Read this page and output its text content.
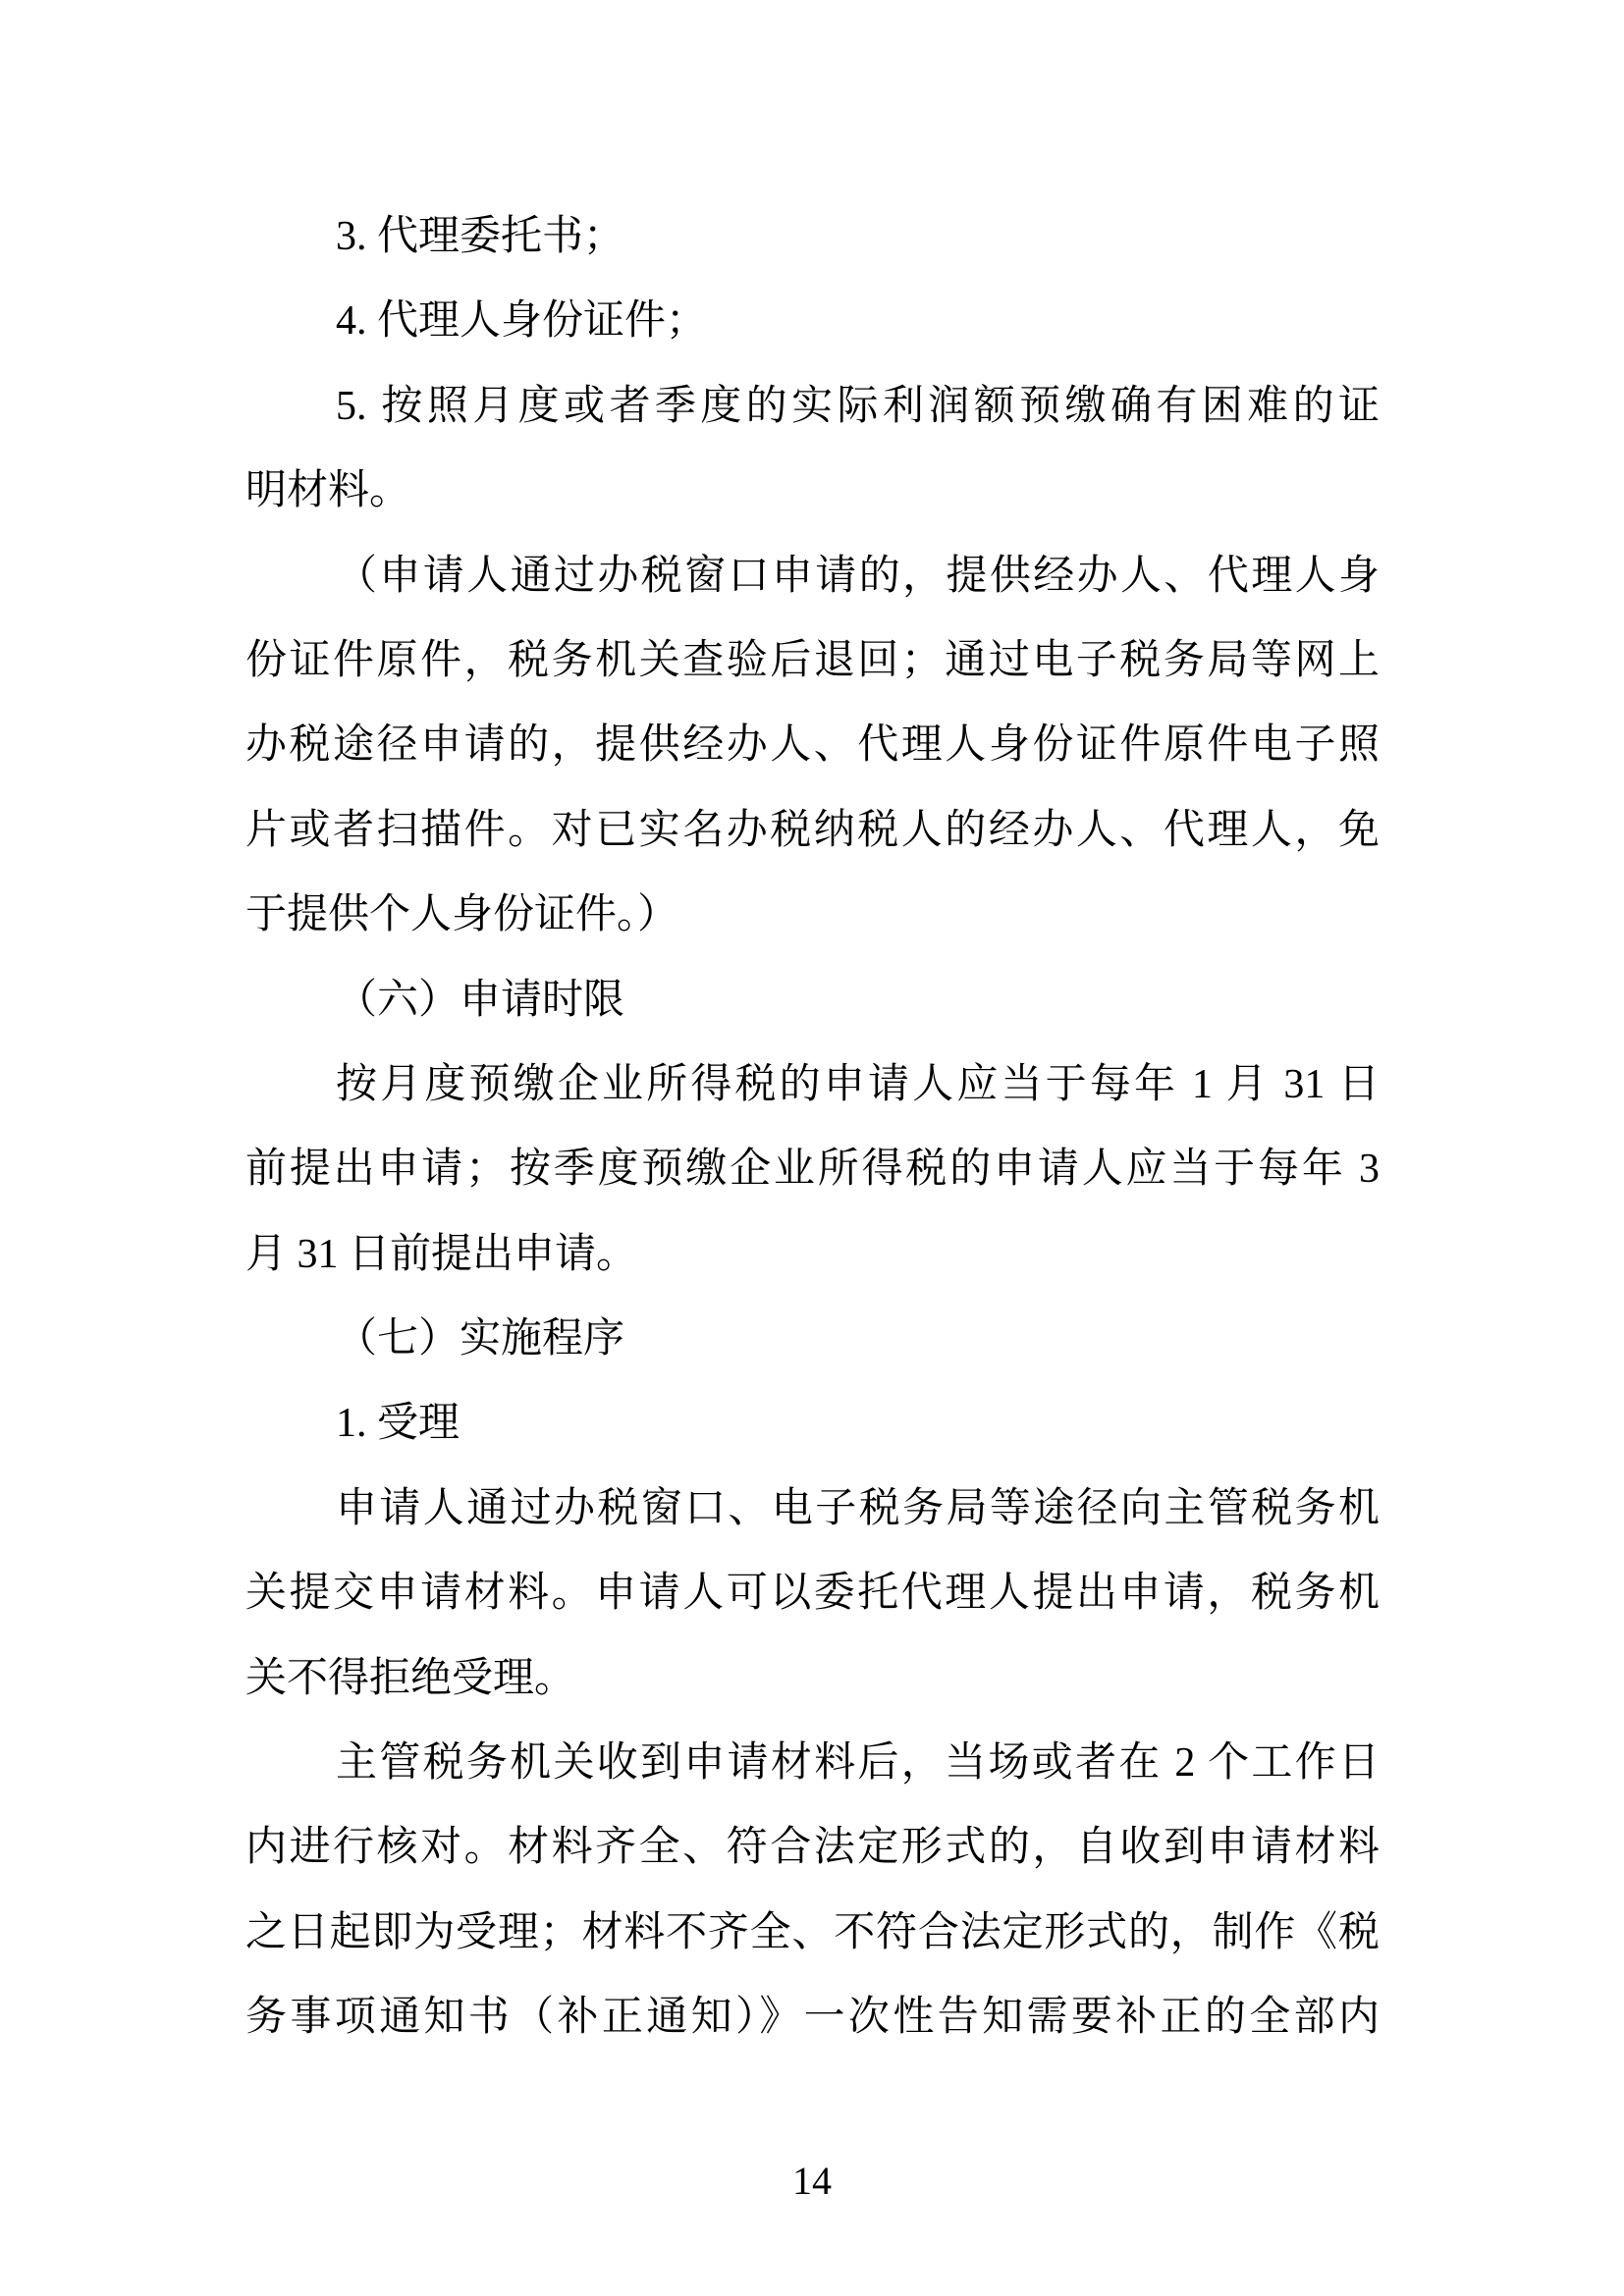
3. 代理委托书；
4. 代理人身份证件；
5. 按照月度或者季度的实际利润额预缴确有困难的证
明材料。
（申请人通过办税窗口申请的，提供经办人、代理人身
份证件原件，税务机关查验后退回；通过电子税务局等网上
办税途径申请的，提供经办人、代理人身份证件原件电子照
片或者扫描件。对已实名办税纳税人的经办人、代理人，免
于提供个人身份证件。）
（六）申请时限
按月度预缴企业所得税的申请人应当于每年 1 月 31 日
前提出申请；按季度预缴企业所得税的申请人应当于每年 3
月 31 日前提出申请。
（七）实施程序
1. 受理
申请人通过办税窗口、电子税务局等途径向主管税务机
关提交申请材料。申请人可以委托代理人提出申请，税务机
关不得拒绝受理。
主管税务机关收到申请材料后，当场或者在 2 个工作日
内进行核对。材料齐全、符合法定形式的，自收到申请材料
之日起即为受理；材料不齐全、不符合法定形式的，制作《税
务事项通知书（补正通知）》一次性告知需要补正的全部内
14
